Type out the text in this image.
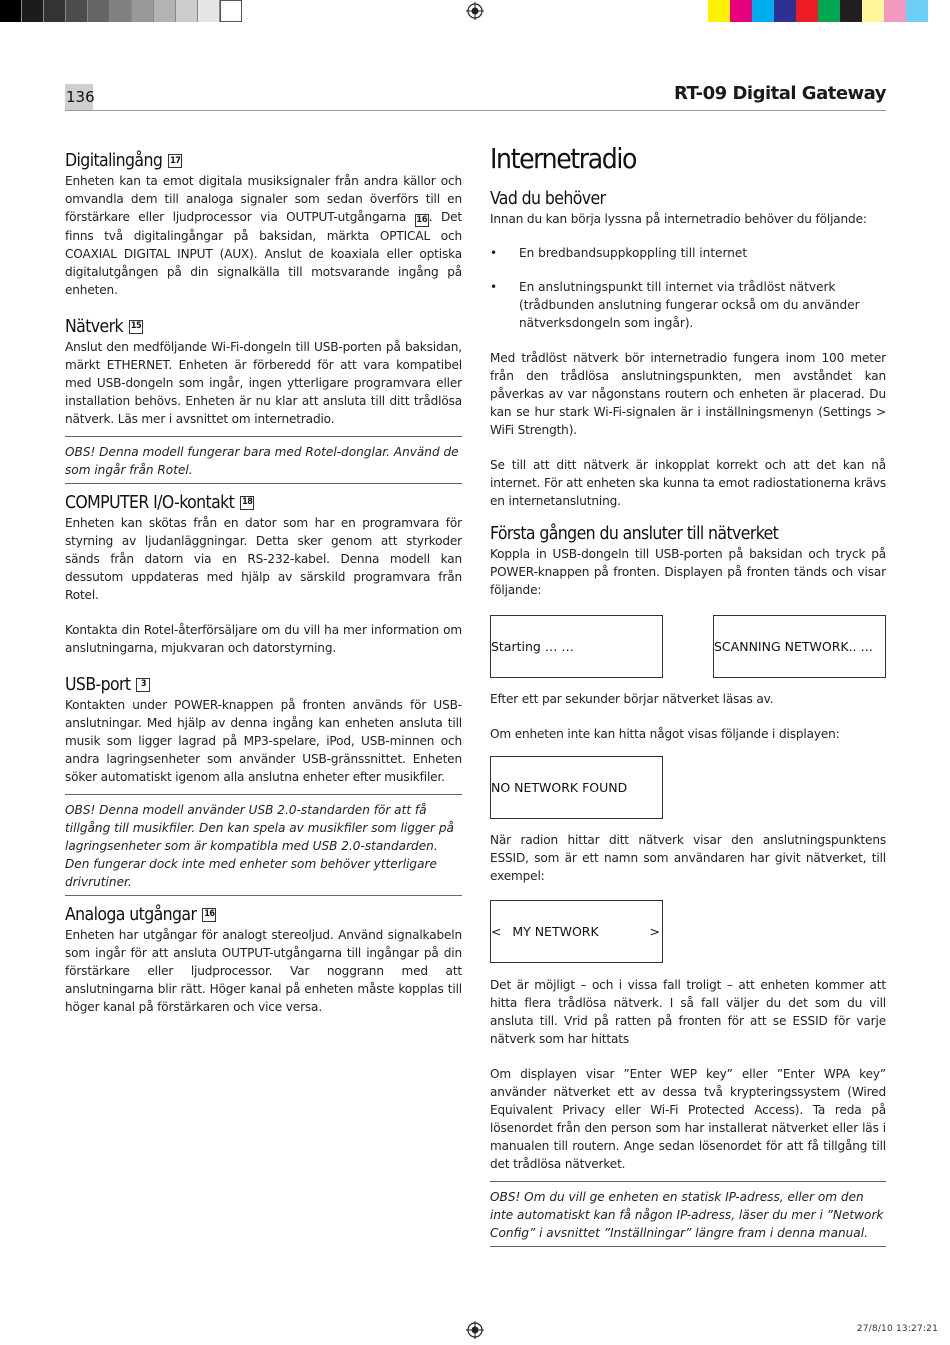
136	RT-09 Digital Gateway
Digitalingång 17

Enheten kan ta emot digitala musiksignaler från andra källor och omvandla dem till analoga signaler som sedan överförs till en förstärkare eller ljudprocessor via OUTPUT-utgångarna 16 . Det finns två digitalingångar på baksidan, märkta OPTICAL och COAXIAL DIGITAL INPUT (AUX). Anslut de koaxiala eller optiska digitalutgången på din signalkälla till motsvarande ingång på enheten.

Nätverk 15

Anslut den medföljande Wi-Fi-dongeln till USB-porten på baksidan, märkt ETHERNET. Enheten är förberedd för att vara kompatibel med USB-dongeln som ingår, ingen ytterligare programvara eller installation behövs. Enheten är nu klar att ansluta till ditt trådlösa nätverk. Läs mer i avsnittet om internetradio.

OBS! Denna modell fungerar bara med Rotel-donglar. Använd de som ingår från Rotel.

COMPUTER I/O-kontakt 18

Enheten kan skötas från en dator som har en programvara för styrning av ljudanläggningar. Detta sker genom att styrkoder sänds från datorn via en RS-232-kabel. Denna modell kan dessutom uppdateras med hjälp av särskild programvara från Rotel.

Kontakta din Rotel-återförsäljare om du vill ha mer information om anslutningarna, mjukvaran och datorstyrning.

USB-port	3

Kontakten under POWER-knappen på fronten används för USB-anslutningar. Med hjälp av denna ingång kan enheten ansluta till musik som ligger lagrad på MP3-spelare, iPod, USB-minnen och andra lagringsenheter som använder USB-gränssnittet. Enheten söker automatiskt igenom alla anslutna enheter efter musikfiler.

OBS! Denna modell använder USB 2.0-standarden för att få tillgång till musikfiler. Den kan spela av musikfiler som ligger på lagringsenheter som är kompatibla med USB 2.0-standarden. Den fungerar dock inte med enheter som behöver ytterligare drivrutiner.

Analoga utgångar 16

Enheten har utgångar för analogt stereoljud. Använd signalkabeln som ingår för att ansluta OUTPUT-utgångarna till ingångar på din förstärkare eller ljudprocessor. Var noggrann med att anslutningarna blir rätt. Höger kanal på enheten måste kopplas till höger kanal på förstärkaren och vice versa.

Internetradio
Vad du behöver

Innan du kan börja lyssna på internetradio behöver du följande:

• En bredbandsuppkoppling till internet
• En anslutningspunkt till internet via trådlöst nätverk (trådbunden anslutning fungerar också om du använder nätverksdongeln som ingår).

Med trådlöst nätverk bör internetradio fungera inom 100 meter från den trådlösa anslutningspunkten, men avståndet kan påverkas av var någonstans routern och enheten är placerad. Du kan se hur stark Wi-Fi-signalen är i inställningsmenyn (Settings > WiFi Strength).

Se till att ditt nätverk är inkopplat korrekt och att det kan nå internet. För att enheten ska kunna ta emot radiostationerna krävs en internetanslutning.

Första gången du ansluter till nätverket

Koppla in USB-dongeln till USB-porten på baksidan och tryck på POWER-knappen på fronten. Displayen på fronten tänds och visar följande:

Starting … …	SCANNING NETWORK.. …

Efter ett par sekunder börjar nätverket läsas av.

Om enheten inte kan hitta något visas följande i displayen:

NO NETWORK FOUND

När radion hittar ditt nätverk visar den anslutningspunktens ESSID, som är ett namn som användaren har givit nätverket, till exempel:

< MY NETWORK	>

Det är möjligt – och i vissa fall troligt – att enheten kommer att hitta flera trådlösa nätverk. I så fall väljer du det som du vill ansluta till. Vrid på ratten på fronten för att se ESSID för varje nätverk som har hittats

Om displayen visar ”Enter WEP key” eller ”Enter WPA key” använder nätverket ett av dessa två krypteringssystem (Wired Equivalent Privacy eller Wi-Fi Protected Access). Ta reda på lösenordet från den person som har installerat nätverket eller läs i manualen till routern. Ange sedan lösenordet för att få tillgång till det trådlösa nätverket.

OBS! Om du vill ge enheten en statisk IP-adress, eller om den inte automatiskt kan få någon IP-adress, läser du mer i ”Network Config” i avsnittet ”Inställningar” längre fram i denna manual.

27/8/10 13:27:21
